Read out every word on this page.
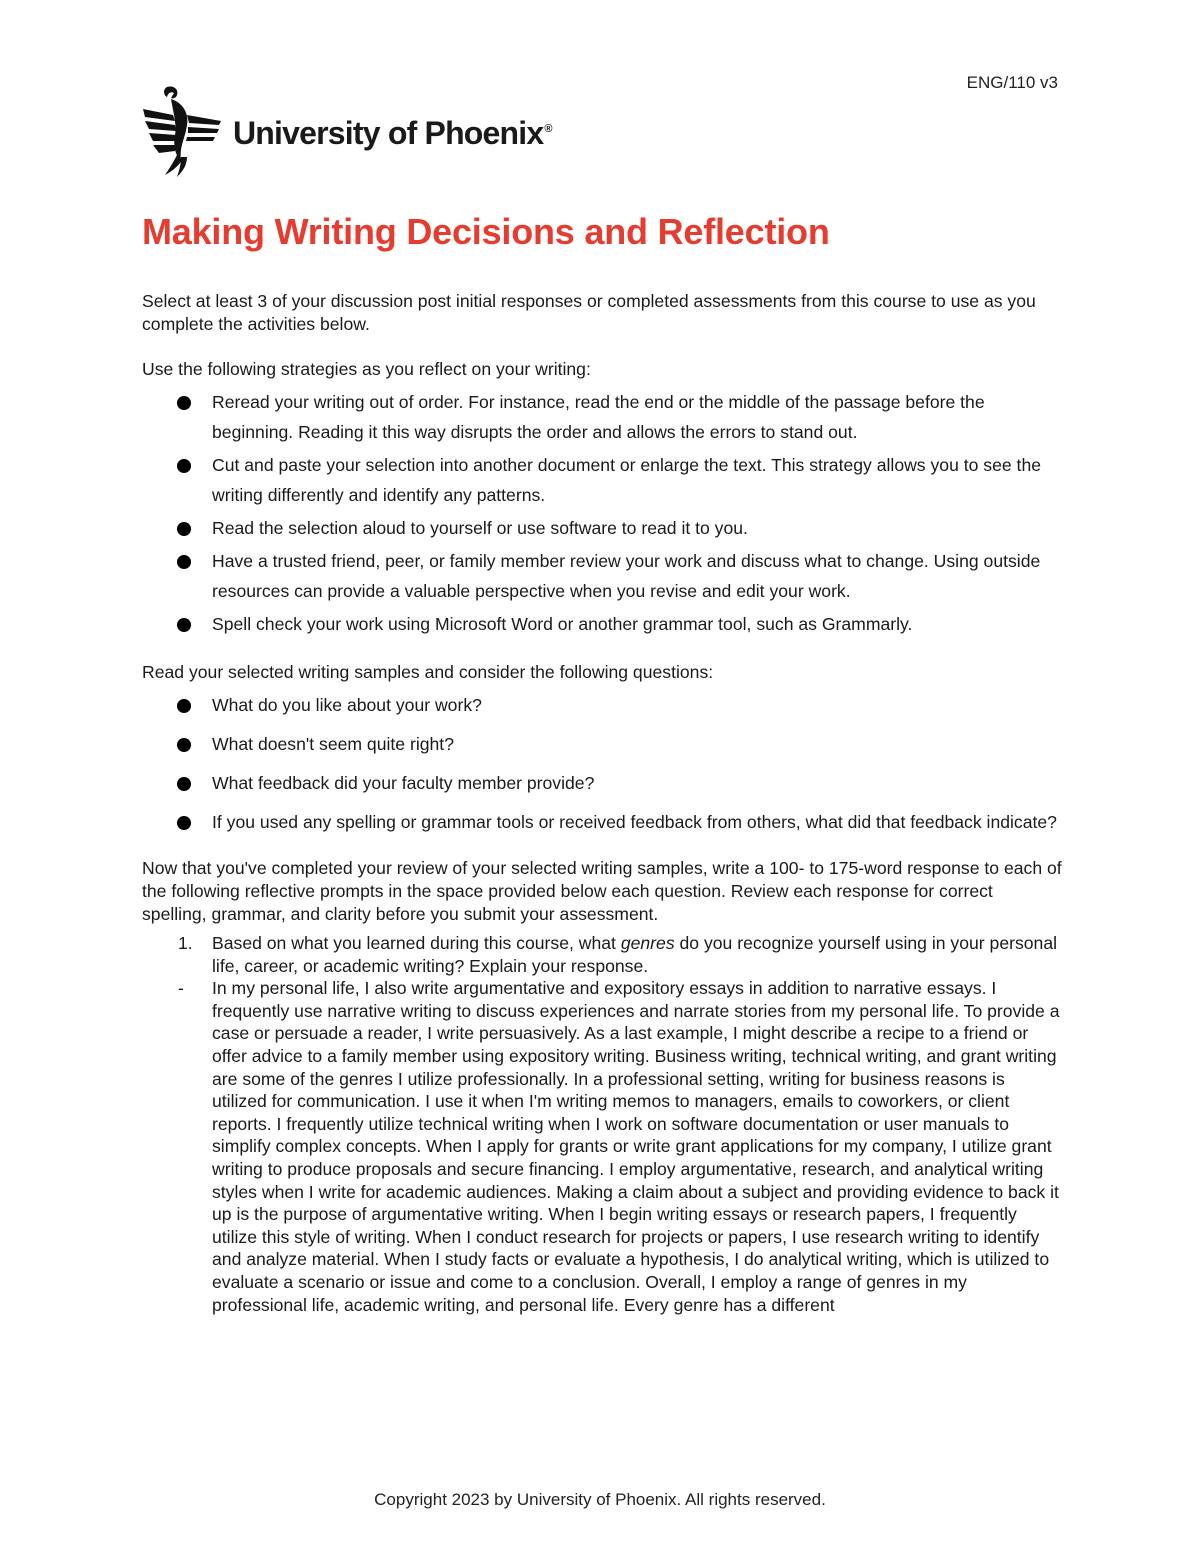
ENG/110 v3
University of Phoenix®
Making Writing Decisions and Reflection

Select at least 3 of your discussion post initial responses or completed assessments from this course to use as you complete the activities below.

Use the following strategies as you reflect on your writing:

Reread your writing out of order. For instance, read the end or the middle of the passage before the beginning. Reading it this way disrupts the order and allows the errors to stand out.
Cut and paste your selection into another document or enlarge the text. This strategy allows you to see the writing differently and identify any patterns.
Read the selection aloud to yourself or use software to read it to you.
Have a trusted friend, peer, or family member review your work and discuss what to change. Using outside resources can provide a valuable perspective when you revise and edit your work.
Spell check your work using Microsoft Word or another grammar tool, such as Grammarly.

Read your selected writing samples and consider the following questions:

What do you like about your work?
What doesn't seem quite right?
What feedback did your faculty member provide?
If you used any spelling or grammar tools or received feedback from others, what did that feedback indicate?

Now that you've completed your review of your selected writing samples, write a 100- to 175-word response to each of the following reflective prompts in the space provided below each question. Review each response for correct spelling, grammar, and clarity before you submit your assessment.

1. Based on what you learned during this course, what genres do you recognize yourself using in your personal life, career, or academic writing? Explain your response.
- In my personal life, I also write argumentative and expository essays in addition to narrative essays. I frequently use narrative writing to discuss experiences and narrate stories from my personal life. To provide a case or persuade a reader, I write persuasively. As a last example, I might describe a recipe to a friend or offer advice to a family member using expository writing. Business writing, technical writing, and grant writing are some of the genres I utilize professionally. In a professional setting, writing for business reasons is utilized for communication. I use it when I'm writing memos to managers, emails to coworkers, or client reports. I frequently utilize technical writing when I work on software documentation or user manuals to simplify complex concepts. When I apply for grants or write grant applications for my company, I utilize grant writing to produce proposals and secure financing. I employ argumentative, research, and analytical writing styles when I write for academic audiences. Making a claim about a subject and providing evidence to back it up is the purpose of argumentative writing. When I begin writing essays or research papers, I frequently utilize this style of writing. When I conduct research for projects or papers, I use research writing to identify and analyze material. When I study facts or evaluate a hypothesis, I do analytical writing, which is utilized to evaluate a scenario or issue and come to a conclusion. Overall, I employ a range of genres in my professional life, academic writing, and personal life. Every genre has a different
Copyright 2023 by University of Phoenix. All rights reserved.
